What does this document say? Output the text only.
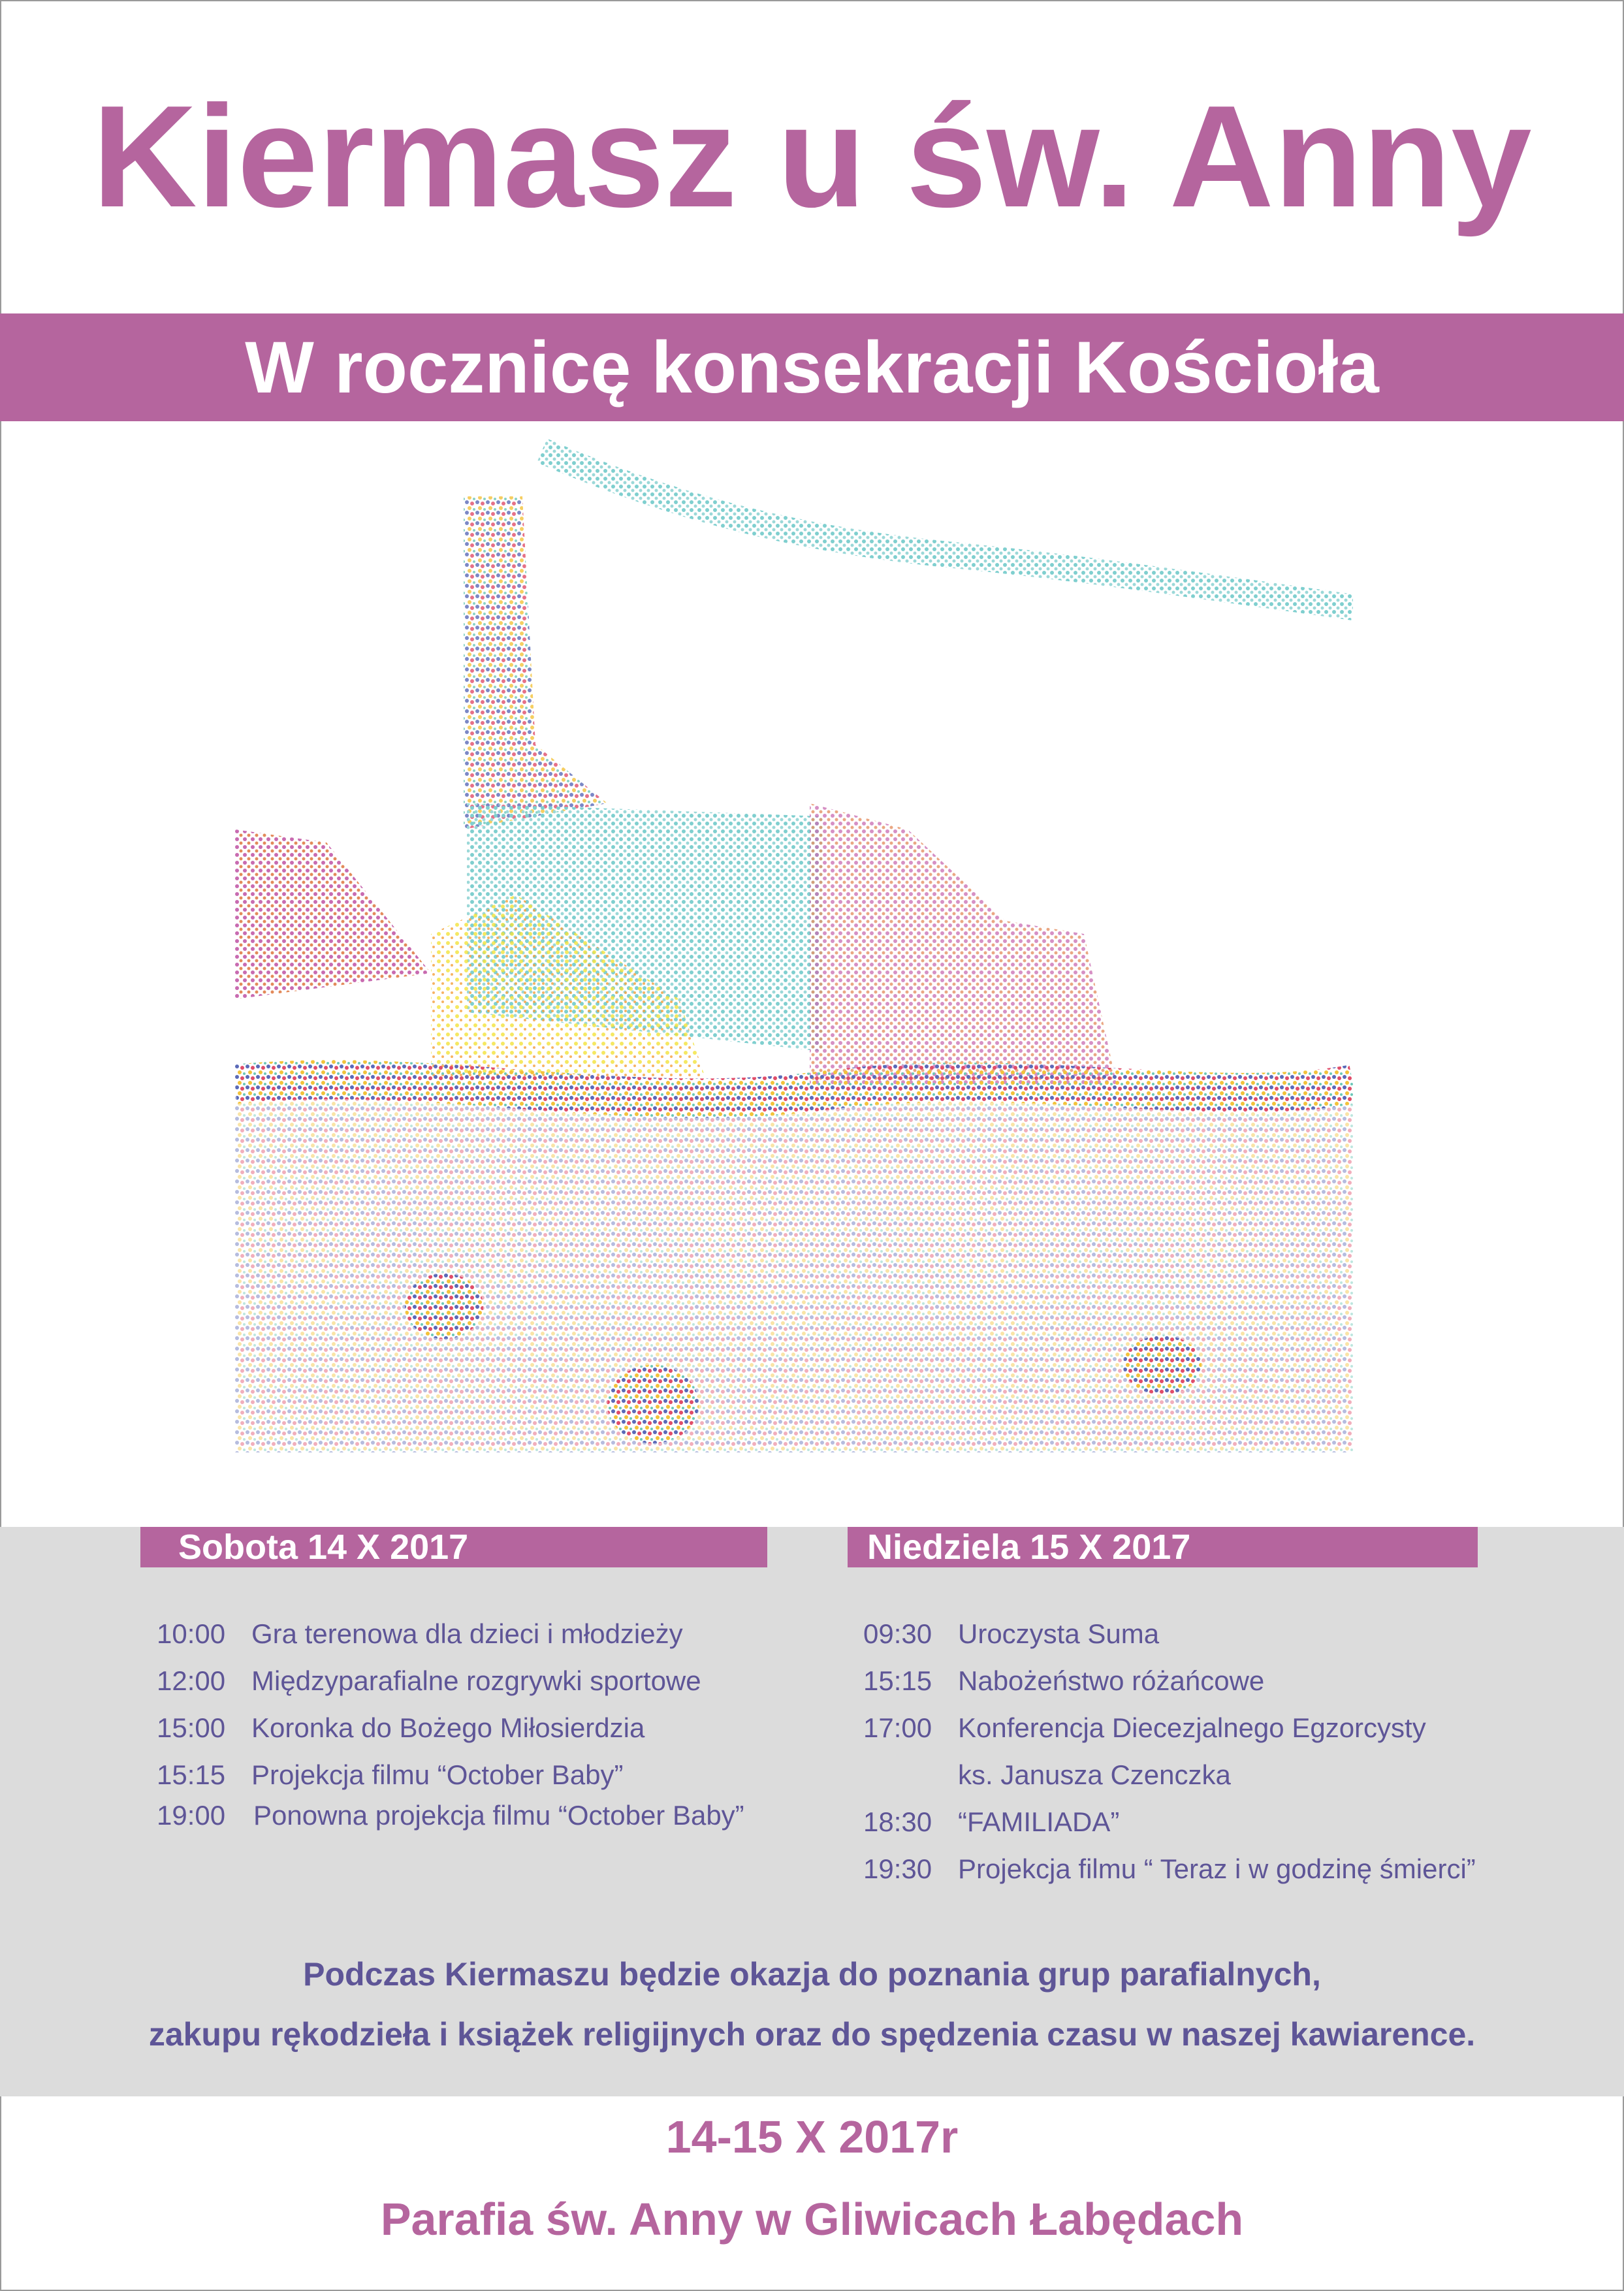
Kiermasz u św. Anny
W rocznicę konsekracji Kościoła
Sobota 14 X 2017	Niedziela 15 X 2017
10:00 Gra terenowa dla dzieci i młodzieży
12:00 Międzyparafialne rozgrywki sportowe
15:00 Koronka do Bożego Miłosierdzia
15:15 Projekcja filmu “October Baby”
19:00 Ponowna projekcja filmu “October Baby”
09:30 Uroczysta Suma
15:15 Nabożeństwo różańcowe
17:00 Konferencja Diecezjalnego Egzorcysty
ks. Janusza Czenczka
18:30 “FAMILIADA”
19:30 Projekcja filmu “ Teraz i w godzinę śmierci”
Podczas Kiermaszu będzie okazja do poznania grup parafialnych,
zakupu rękodzieła i książek religijnych oraz do spędzenia czasu w naszej kawiarence.
14-15 X 2017r
Parafia św. Anny w Gliwicach Łabędach
